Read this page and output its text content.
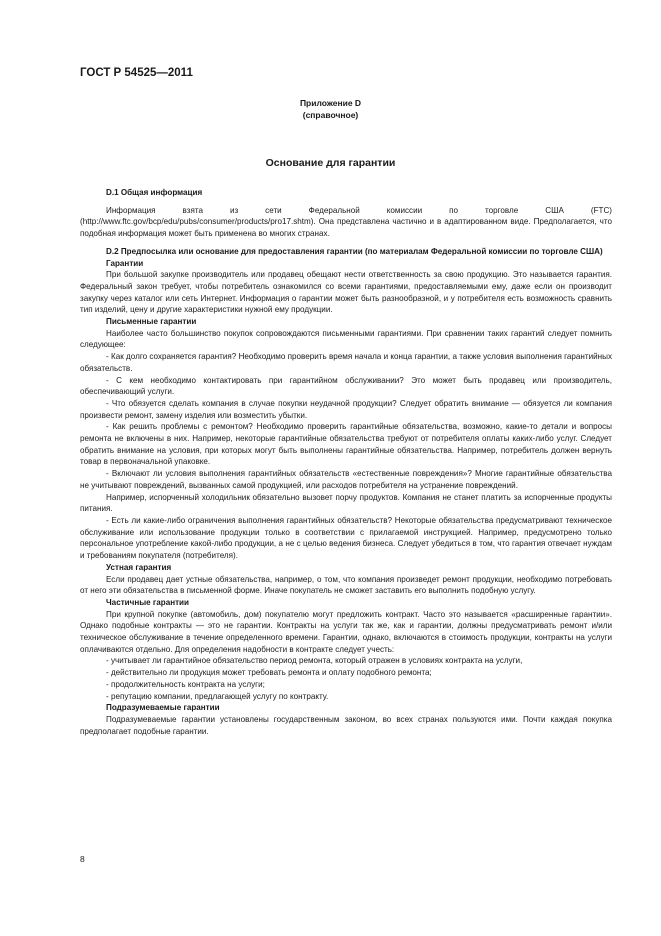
ГОСТ Р 54525—2011
Приложение D
(справочное)
Основание для гарантии

D.1 Общая информация

Информация взята из сети Федеральной комиссии по торговле США (FTC) (http://www.ftc.gov/bcp/edu/pubs/consumer/products/pro17.shtm). Она представлена частично и в адаптированном виде. Предполагается, что подобная информация может быть применена во многих странах.

D.2 Предпосылка или основание для предоставления гарантии (по материалам Федеральной комиссии по торговле США)

Гарантии

При большой закупке производитель или продавец обещают нести ответственность за свою продукцию. Это называется гарантия. Федеральный закон требует, чтобы потребитель ознакомился со всеми гарантиями, предоставляемыми ему, даже если он производит закупку через каталог или сеть Интернет. Информация о гарантии может быть разнообразной, и у потребителя есть возможность сравнить тип изделий, цену и другие характеристики нужной ему продукции.

Письменные гарантии

Наиболее часто большинство покупок сопровождаются письменными гарантиями. При сравнении таких гарантий следует помнить следующее:

- Как долго сохраняется гарантия? Необходимо проверить время начала и конца гарантии, а также условия выполнения гарантийных обязательств.

- С кем необходимо контактировать при гарантийном обслуживании? Это может быть продавец или производитель, обеспечивающий услуги.

- Что обязуется сделать компания в случае покупки неудачной продукции? Следует обратить внимание — обязуется ли компания произвести ремонт, замену изделия или возместить убытки.

- Как решить проблемы с ремонтом? Необходимо проверить гарантийные обязательства, возможно, какие-то детали и вопросы ремонта не включены в них. Например, некоторые гарантийные обязательства требуют от потребителя оплаты каких-либо услуг. Следует обратить внимание на условия, при которых могут быть выполнены гарантийные обязательства. Например, потребитель должен вернуть товар в первоначальной упаковке.

- Включают ли условия выполнения гарантийных обязательств «естественные повреждения»? Многие гарантийные обязательства не учитывают повреждений, вызванных самой продукцией, или расходов потребителя на устранение повреждений.

Например, испорченный холодильник обязательно вызовет порчу продуктов. Компания не станет платить за испорченные продукты питания.

- Есть ли какие-либо ограничения выполнения гарантийных обязательств? Некоторые обязательства предусматривают техническое обслуживание или использование продукции только в соответствии с прилагаемой инструкцией. Например, предусмотрено только персональное употребление какой-либо продукции, а не с целью ведения бизнеса. Следует убедиться в том, что гарантия отвечает нуждам и требованиям покупателя (потребителя).

Устная гарантия

Если продавец дает устные обязательства, например, о том, что компания произведет ремонт продукции, необходимо потребовать от него эти обязательства в письменной форме. Иначе покупатель не сможет заставить его выполнить подобную услугу.

Частичные гарантии

При крупной покупке (автомобиль, дом) покупателю могут предложить контракт. Часто это называется «расширенные гарантии». Однако подобные контракты — это не гарантии. Контракты на услуги так же, как и гарантии, должны предусматривать ремонт и/или техническое обслуживание в течение определенного времени. Гарантии, однако, включаются в стоимость продукции, контракты на услуги оплачиваются отдельно. Для определения надобности в контракте следует учесть:

- учитывает ли гарантийное обязательство период ремонта, который отражен в условиях контракта на услуги,

- действительно ли продукция может требовать ремонта и оплату подобного ремонта;

- продолжительность контракта на услуги;

- репутацию компании, предлагающей услугу по контракту.

Подразумеваемые гарантии

Подразумеваемые гарантии установлены государственным законом, во всех странах пользуются ими. Почти каждая покупка предполагает подобные гарантии.

8
